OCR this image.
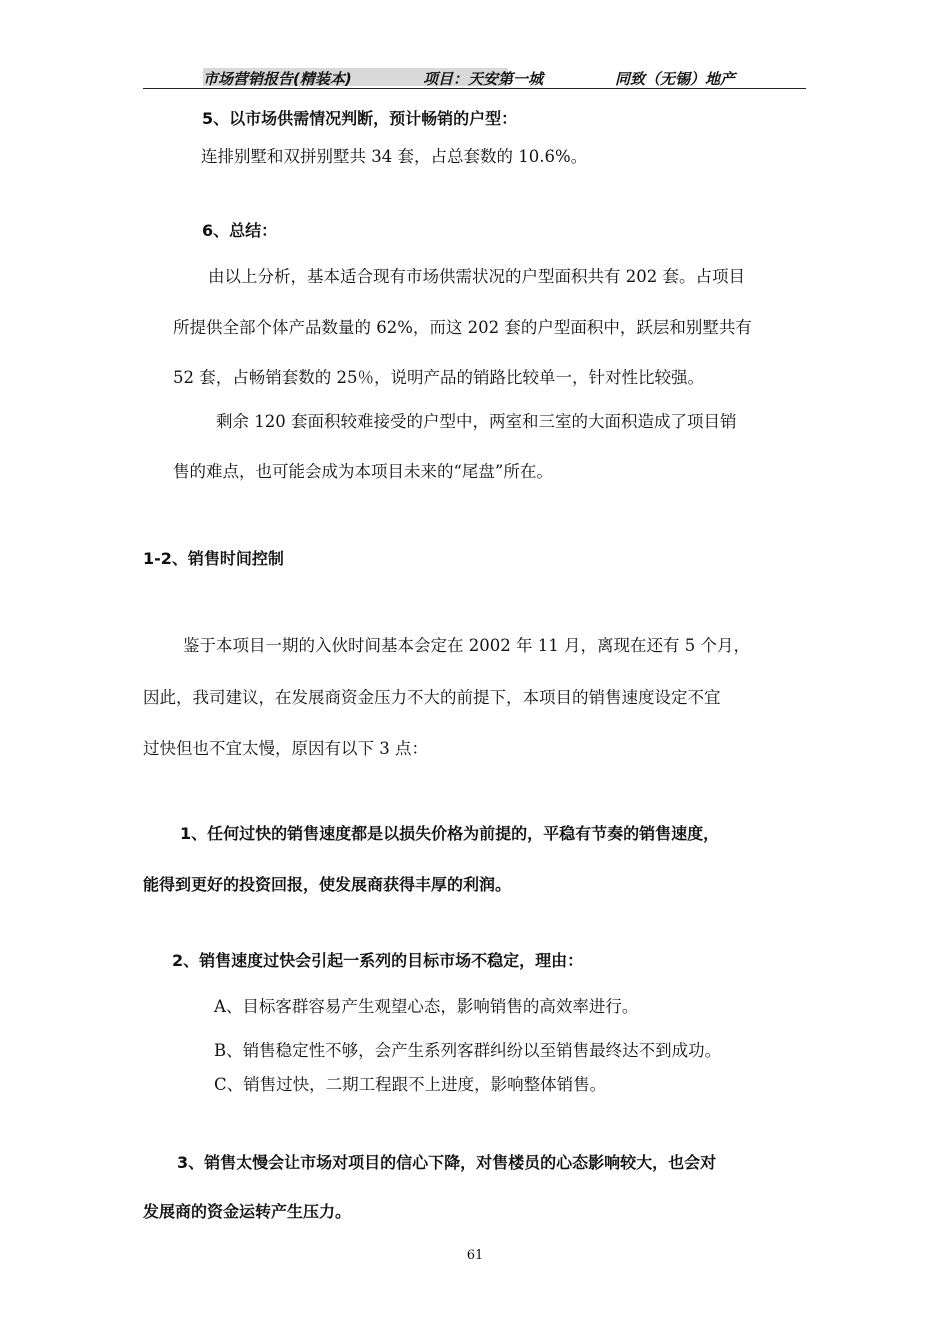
市场营销报告(精装本)	项目：天安第一城	同致（无锡）地产
5、以市场供需情况判断，预计畅销的户型：
连排别墅和双拼别墅共 34 套，占总套数的 10.6%。
6、总结：
由以上分析，基本适合现有市场供需状况的户型面积共有 202 套。占项目
所提供全部个体产品数量的 62%，而这 202 套的户型面积中，跃层和别墅共有
52 套，占畅销套数的 25％，说明产品的销路比较单一，针对性比较强。
剩余 120 套面积较难接受的户型中，两室和三室的大面积造成了项目销
售的难点，也可能会成为本项目未来的“尾盘”所在。
1-2、销售时间控制
鉴于本项目一期的入伙时间基本会定在 2002 年 11 月，离现在还有 5 个月，
因此，我司建议，在发展商资金压力不大的前提下，本项目的销售速度设定不宜
过快但也不宜太慢，原因有以下 3 点：
1、任何过快的销售速度都是以损失价格为前提的，平稳有节奏的销售速度，
能得到更好的投资回报，使发展商获得丰厚的利润。
2、销售速度过快会引起一系列的目标市场不稳定，理由：
A、目标客群容易产生观望心态，影响销售的高效率进行。
B、销售稳定性不够，会产生系列客群纠纷以至销售最终达不到成功。
C、销售过快，二期工程跟不上进度，影响整体销售。
3、销售太慢会让市场对项目的信心下降，对售楼员的心态影响较大，也会对
发展商的资金运转产生压力。
61
